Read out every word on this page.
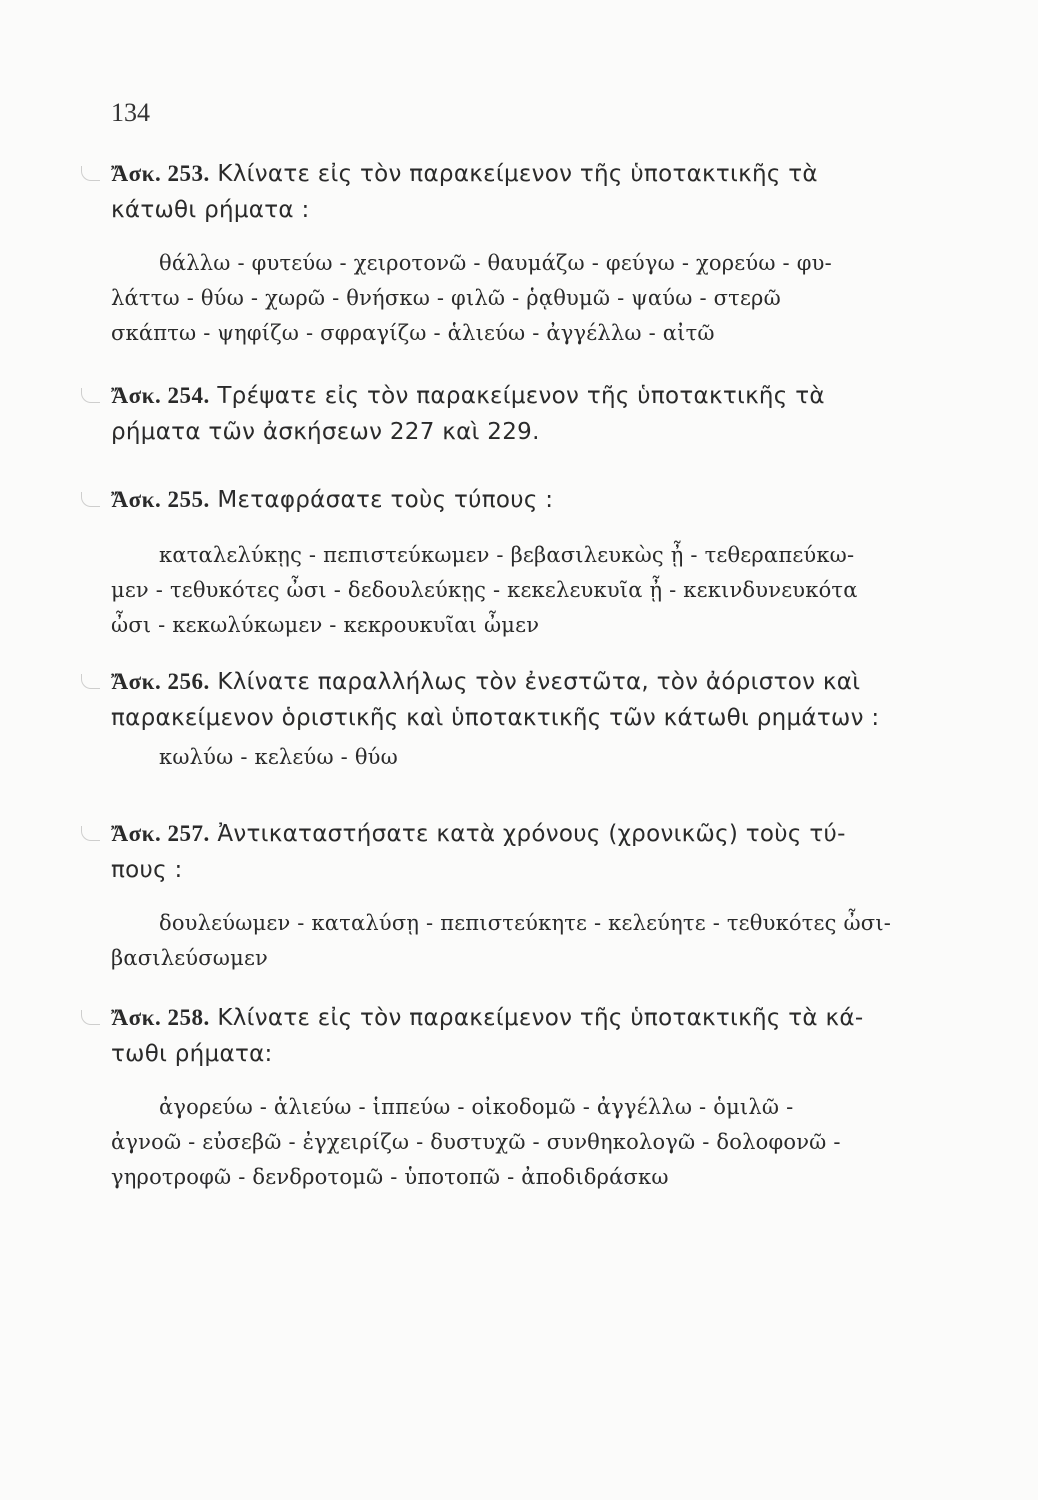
134

Ἄσκ. 253. Κλίνατε εἰς τὸν παρακείμενον τῆς ὑποτακτικῆς τὰ
κάτωθι ρήματα :

θάλλω - φυτεύω - χειροτονῶ - θαυμάζω - φεύγω - χορεύω - φυ-
λάττω - θύω - χωρῶ - θνήσκω - φιλῶ - ῥᾳθυμῶ - ψαύω - στερῶ
σκάπτω - ψηφίζω - σφραγίζω - ἁλιεύω - ἀγγέλλω - αἰτῶ

Ἄσκ. 254. Τρέψατε εἰς τὸν παρακείμενον τῆς ὑποτακτικῆς τὰ
ρήματα τῶν ἀσκήσεων 227 καὶ 229.

Ἄσκ. 255. Μεταφράσατε τοὺς τύπους :

καταλελύκῃς - πεπιστεύκωμεν - βεβασιλευκὼς ᾖ - τεθεραπεύκω-
μεν - τεθυκότες ὦσι - δεδουλεύκῃς - κεκελευκυῖα ᾖ - κεκινδυνευκότα
ὦσι - κεκωλύκωμεν - κεκρουκυῖαι ὦμεν

Ἄσκ. 256. Κλίνατε παραλλήλως τὸν ἐνεστῶτα, τὸν ἀόριστον καὶ
παρακείμενον ὁριστικῆς καὶ ὑποτακτικῆς τῶν κάτωθι ρημάτων :

κωλύω - κελεύω - θύω

Ἄσκ. 257. Ἀντικαταστήσατε κατὰ χρόνους (χρονικῶς) τοὺς τύ-
πους :

δουλεύωμεν - καταλύσῃ - πεπιστεύκητε - κελεύητε - τεθυκότες ὦσι-
βασιλεύσωμεν

Ἄσκ. 258. Κλίνατε εἰς τὸν παρακείμενον τῆς ὑποτακτικῆς τὰ κά-
τωθι ρήματα:

ἀγορεύω - ἁλιεύω - ἱππεύω - οἰκοδομῶ - ἀγγέλλω - ὁμιλῶ -
ἀγνοῶ - εὐσεβῶ - ἐγχειρίζω - δυστυχῶ - συνθηκολογῶ - δολοφονῶ -
γηροτροφῶ - δενδροτομῶ - ὑποτοπῶ - ἀποδιδράσκω
